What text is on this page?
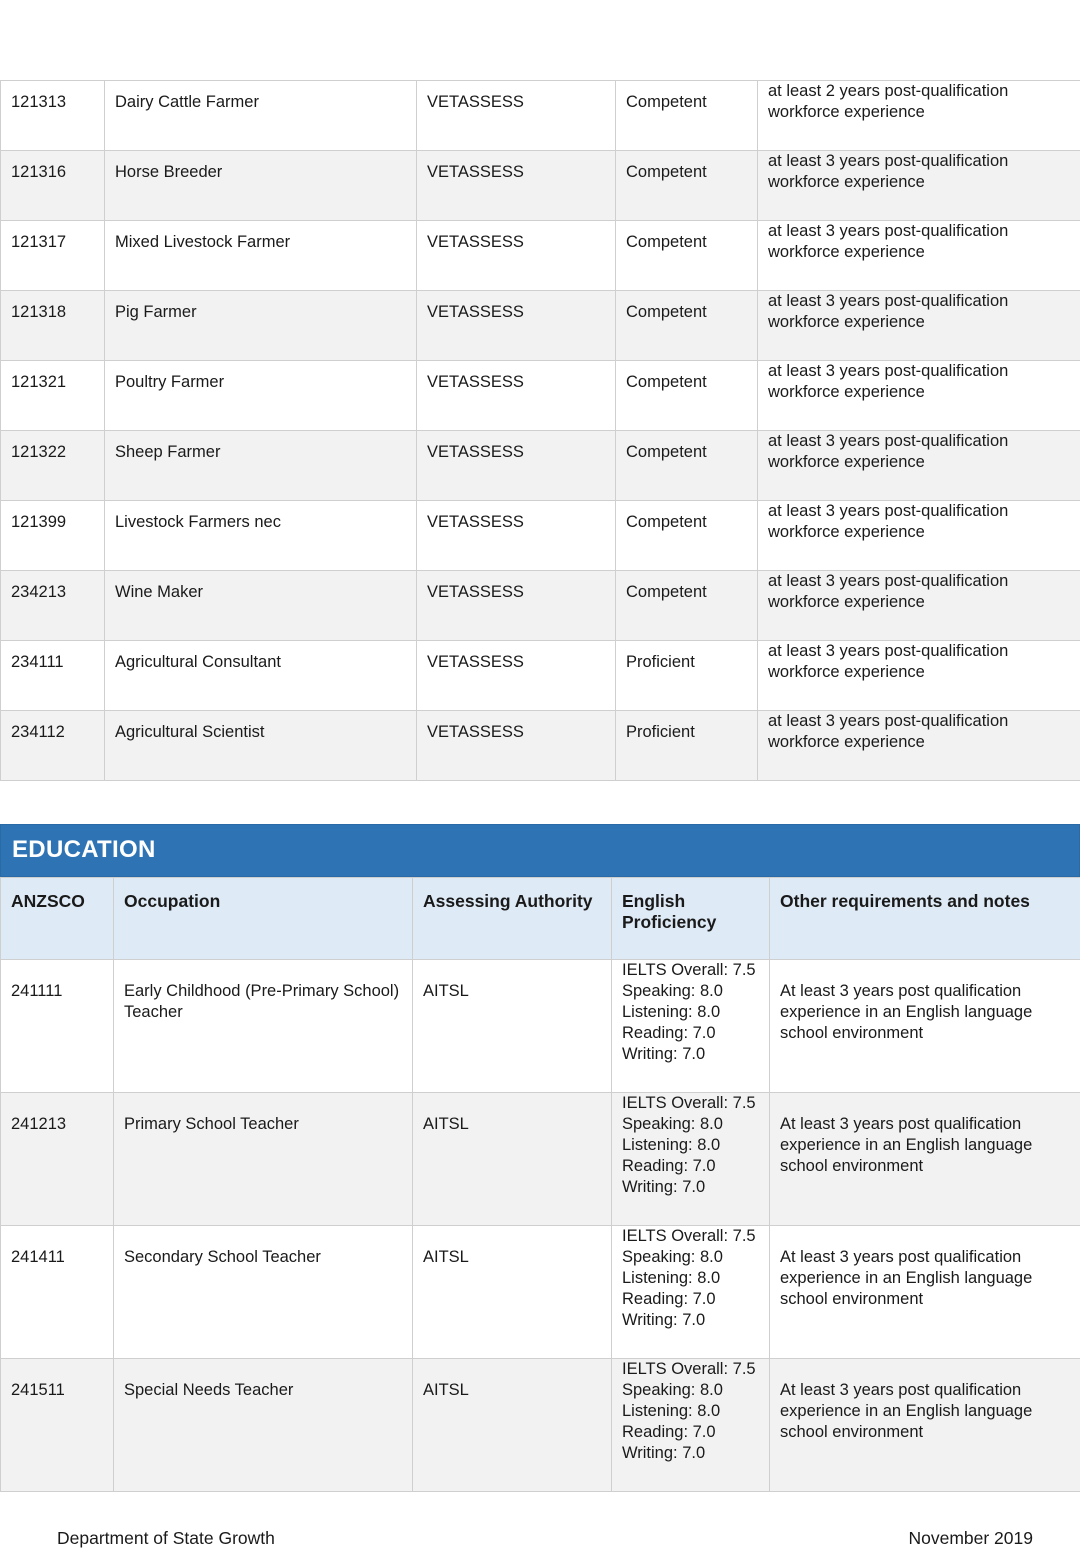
121313	Dairy Cattle Farmer	VETASSESS	Competent	at least 2 years post-qualification workforce experience
121316	Horse Breeder	VETASSESS	Competent	at least 3 years post-qualification workforce experience
121317	Mixed Livestock Farmer	VETASSESS	Competent	at least 3 years post-qualification workforce experience
121318	Pig Farmer	VETASSESS	Competent	at least 3 years post-qualification workforce experience
121321	Poultry Farmer	VETASSESS	Competent	at least 3 years post-qualification workforce experience
121322	Sheep Farmer	VETASSESS	Competent	at least 3 years post-qualification workforce experience
121399	Livestock Farmers nec	VETASSESS	Competent	at least 3 years post-qualification workforce experience
234213	Wine Maker	VETASSESS	Competent	at least 3 years post-qualification workforce experience
234111	Agricultural Consultant	VETASSESS	Proficient	at least 3 years post-qualification workforce experience
234112	Agricultural Scientist	VETASSESS	Proficient	at least 3 years post-qualification workforce experience
EDUCATION
ANZSCO	Occupation	Assessing Authority	English Proficiency	Other requirements and notes
241111	Early Childhood (Pre-Primary School) Teacher	AITSL	IELTS Overall: 7.5
Speaking: 8.0
Listening: 8.0
Reading: 7.0
Writing: 7.0	At least 3 years post qualification experience in an English language school environment
241213	Primary School Teacher	AITSL	IELTS Overall: 7.5
Speaking: 8.0
Listening: 8.0
Reading: 7.0
Writing: 7.0	At least 3 years post qualification experience in an English language school environment
241411	Secondary School Teacher	AITSL	IELTS Overall: 7.5
Speaking: 8.0
Listening: 8.0
Reading: 7.0
Writing: 7.0	At least 3 years post qualification experience in an English language school environment
241511	Special Needs Teacher	AITSL	IELTS Overall: 7.5
Speaking: 8.0
Listening: 8.0
Reading: 7.0
Writing: 7.0	At least 3 years post qualification experience in an English language school environment
Department of State Growth	November 2019
